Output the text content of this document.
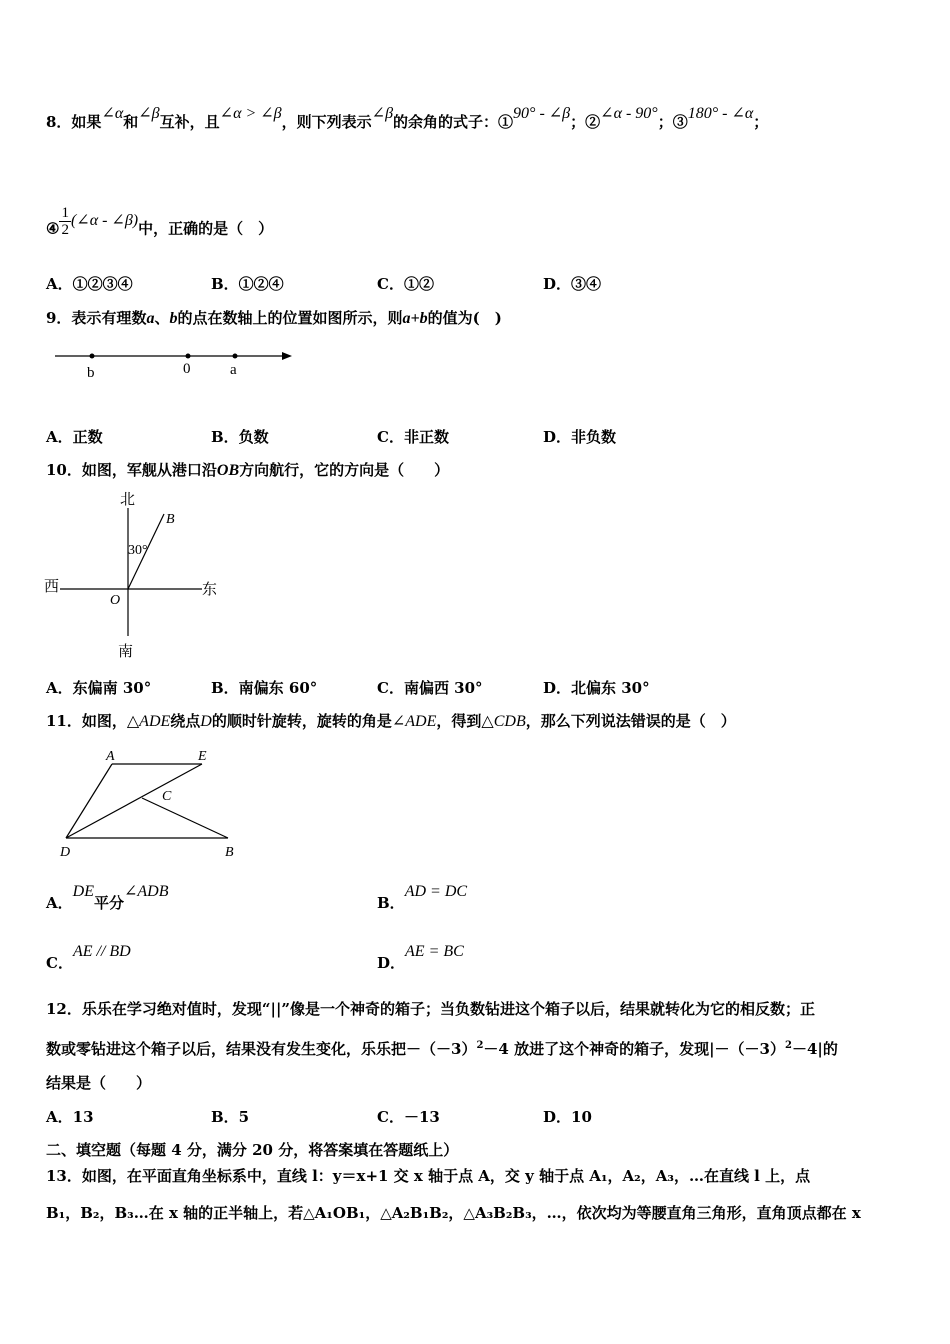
8．如果∠α和∠β互补，且∠α > ∠β，则下列表示∠β的余角的式子：①90° - ∠β；②∠α - 90°；③180° - ∠α；
④ $\frac{1}{2}$ (∠α - ∠β)中，正确的是（　）
A．①②③④	B．①②④	C．①②	D．③④
9．表示有理数a、b的点在数轴上的位置如图所示，则a+b的值为(　)
b	0	a
A．正数	B．负数	C．非正数	D．非负数
10．如图，军舰从港口沿OB方向航行，它的方向是（　　）
北
南
西	东
O
B
30°
A．东偏南 30°	B．南偏东 60°	C．南偏西 30°	D．北偏东 30°
11．如图，△ADE绕点D的顺时针旋转，旋转的角是∠ADE，得到△CDB，那么下列说法错误的是（　）
A	E
C
D	B
A．DE平分∠ADB
B．AD = DC
C．AE // BD
D．AE = BC
12．乐乐在学习绝对值时，发现“||”像是一个神奇的箱子；当负数钻进这个箱子以后，结果就转化为它的相反数；正
数或零钻进这个箱子以后，结果没有发生变化，乐乐把$-(-3)^2-4$ 放进了这个神奇的箱子，发现$|-(-3)^2-4|$的
结果是（　　）
A．13	B．5	C．－13	D．10
二、填空题（每题 4 分，满分 20 分，将答案填在答题纸上）
13．如图，在平面直角坐标系中，直线 l：y＝x+1 交 x 轴于点 A，交 y 轴于点 A₁，A₂，A₃，…在直线 l 上，点
B₁，B₂，B₃…在 x 轴的正半轴上，若△A₁OB₁，△A₂B₁B₂，△A₃B₂B₃，…，依次均为等腰直角三角形，直角顶点都在 x
